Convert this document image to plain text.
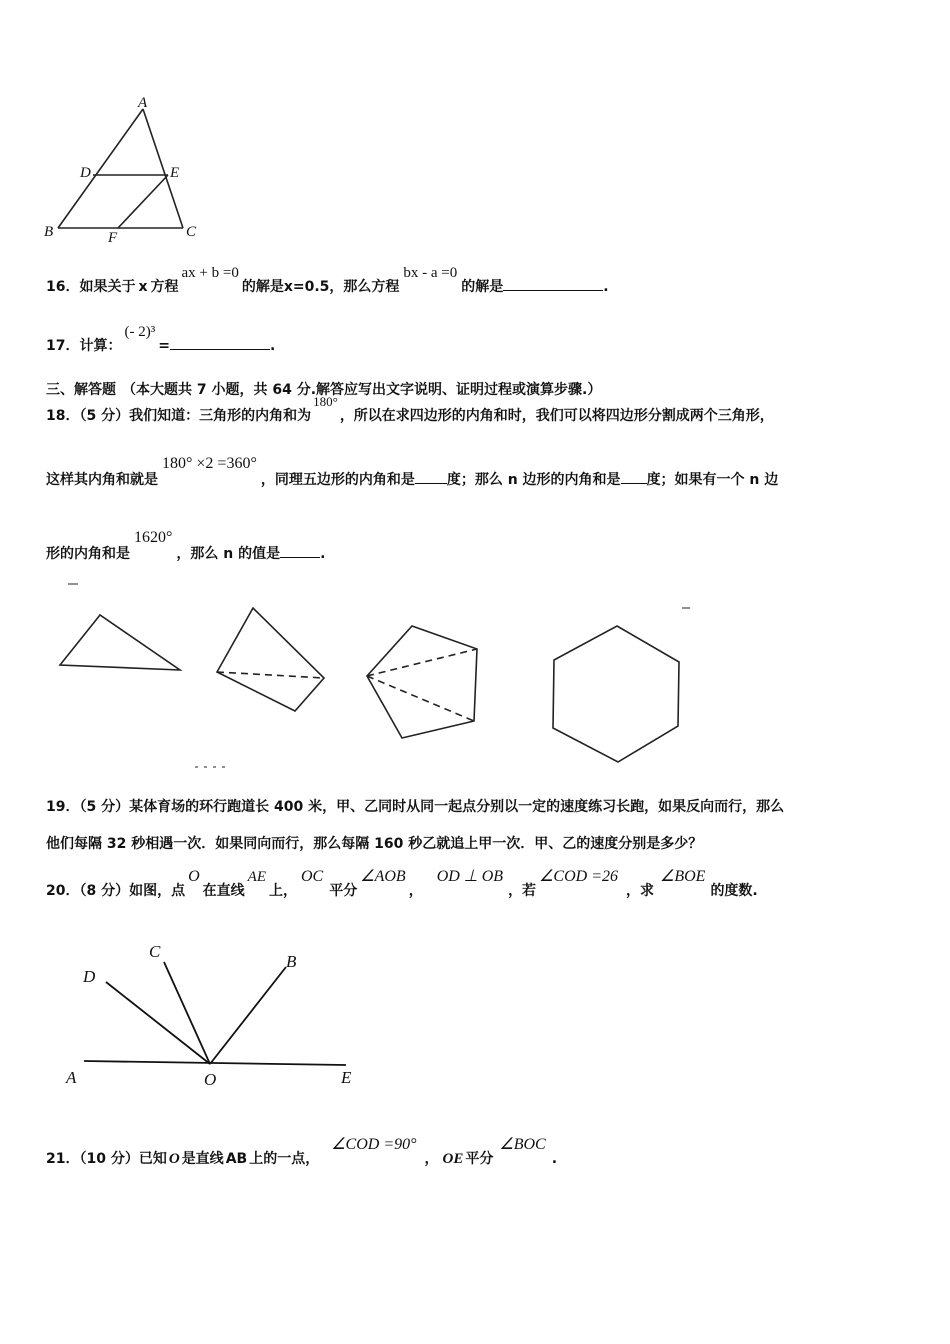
A
D	E
B	F	C
16．如果关于 x 方程ax + b =0的解是x=0.5，那么方程bx - a =0的解是	.
17．计算：(- 2)³=	.
三、解答题 （本大题共 7 小题，共 64 分.解答应写出文字说明、证明过程或演算步骤.）
18．（5 分）我们知道：三角形的内角和为180°，所以在求四边形的内角和时，我们可以将四边形分割成两个三角形，
这样其内角和就是180° ×2 =360°，同理五边形的内角和是 度；那么 n 边形的内角和是 度；如果有一个 n 边
形的内角和是1620°，那么 n 的值是	.
19．（5 分）某体育场的环行跑道长 400 米，甲、乙同时从同一起点分别以一定的速度练习长跑，如果反向而行，那么
他们每隔 32 秒相遇一次．如果同向而行，那么每隔 160 秒乙就追上甲一次．甲、乙的速度分别是多少？
20．（8 分）如图，点O在直线AE上，OC平分∠AOB，OD ⊥ OB，若∠COD =26，求∠BOE的度数.
A	O	E
D
C
B
21．（10 分）已知 O 是直线 AB 上的一点，∠COD =90°， OE 平分∠BOC.
